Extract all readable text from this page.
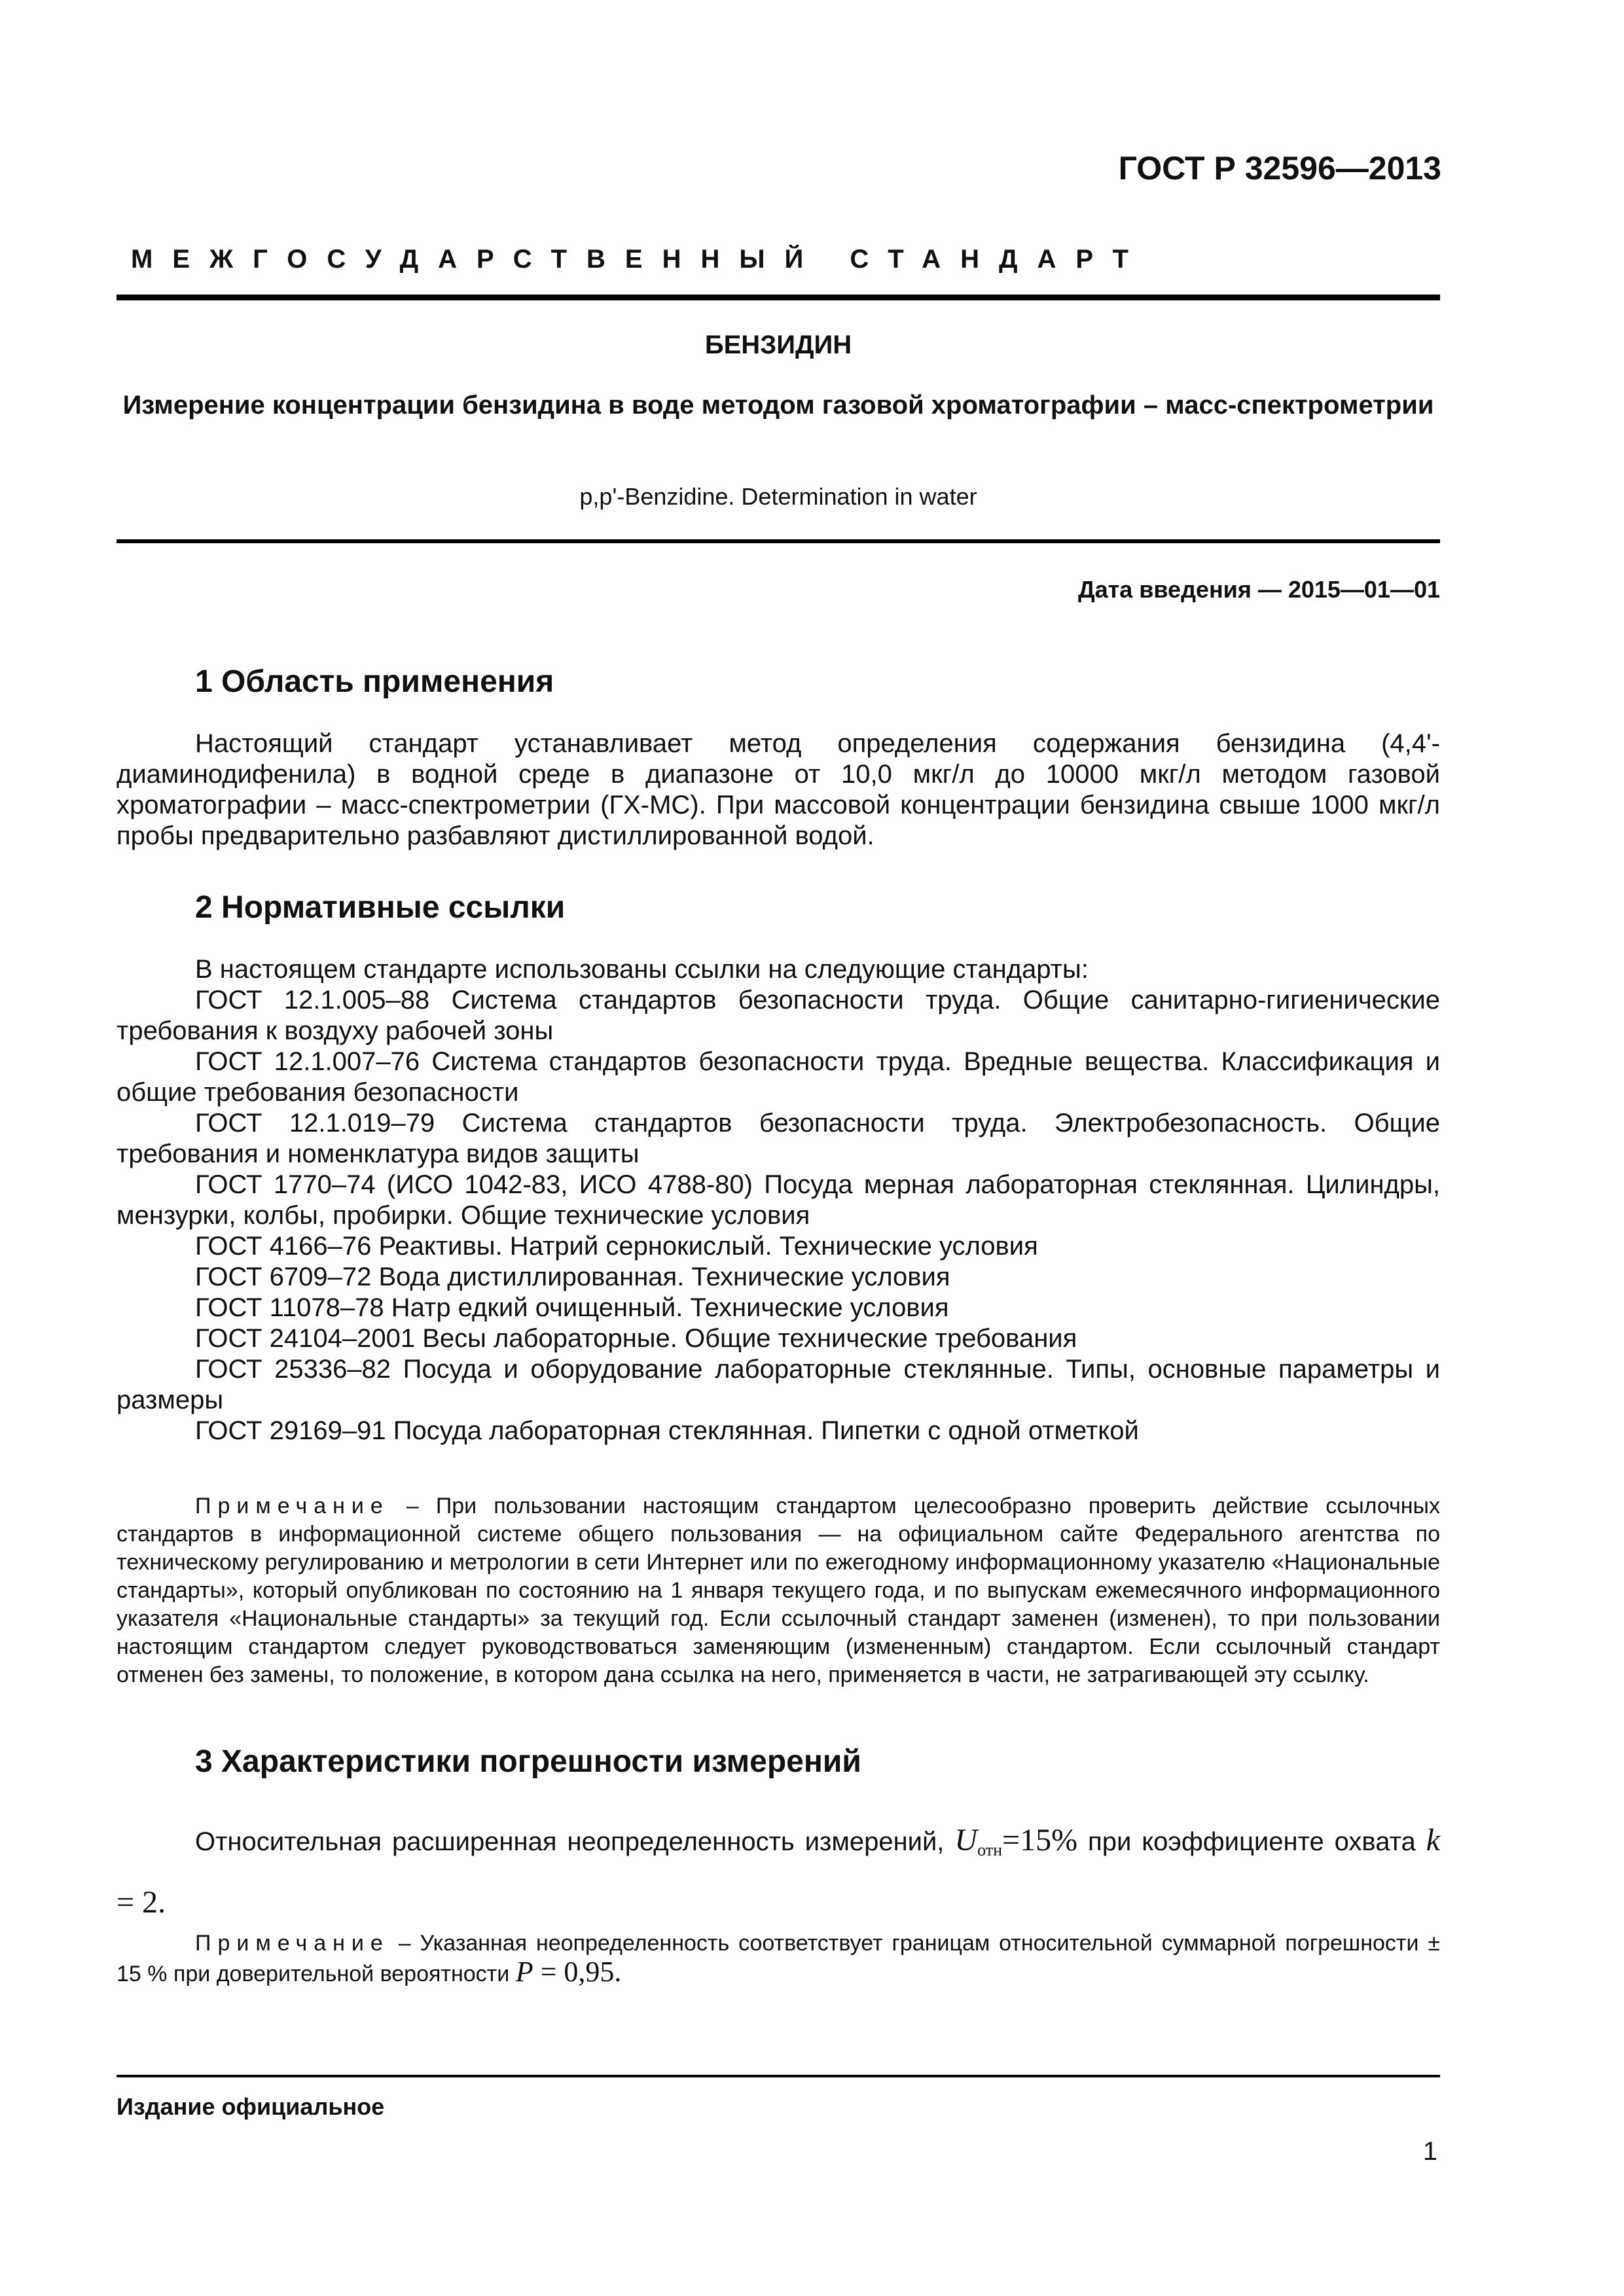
ГОСТ Р 32596—2013
МЕЖГОСУДАРСТВЕННЫЙ СТАНДАРТ
БЕНЗИДИН
Измерение концентрации бензидина в воде методом газовой хроматографии – масс-спектрометрии
p,p'-Benzidine. Determination in water
Дата введения — 2015—01—01
1 Область применения

Настоящий стандарт устанавливает метод определения содержания бензидина (4,4'-диаминодифенила) в водной среде в диапазоне от 10,0 мкг/л до 10000 мкг/л методом газовой хроматографии – масс-спектрометрии (ГХ-МС). При массовой концентрации бензидина свыше 1000 мкг/л пробы предварительно разбавляют дистиллированной водой.

2 Нормативные ссылки

В настоящем стандарте использованы ссылки на следующие стандарты:

ГОСТ 12.1.005–88 Система стандартов безопасности труда. Общие санитарно-гигиенические требования к воздуху рабочей зоны

ГОСТ 12.1.007–76 Система стандартов безопасности труда. Вредные вещества. Классификация и общие требования безопасности

ГОСТ 12.1.019–79 Система стандартов безопасности труда. Электробезопасность. Общие требования и номенклатура видов защиты

ГОСТ 1770–74 (ИСО 1042-83, ИСО 4788-80) Посуда мерная лабораторная стеклянная. Цилиндры, мензурки, колбы, пробирки. Общие технические условия

ГОСТ 4166–76 Реактивы. Натрий сернокислый. Технические условия

ГОСТ 6709–72 Вода дистиллированная. Технические условия

ГОСТ 11078–78 Натр едкий очищенный. Технические условия

ГОСТ 24104–2001 Весы лабораторные. Общие технические требования

ГОСТ 25336–82 Посуда и оборудование лабораторные стеклянные. Типы, основные параметры и размеры

ГОСТ 29169–91 Посуда лабораторная стеклянная. Пипетки с одной отметкой

Примечание – При пользовании настоящим стандартом целесообразно проверить действие ссылочных стандартов в информационной системе общего пользования — на официальном сайте Федерального агентства по техническому регулированию и метрологии в сети Интернет или по ежегодному информационному указателю «Национальные стандарты», который опубликован по состоянию на 1 января текущего года, и по выпускам ежемесячного информационного указателя «Национальные стандарты» за текущий год. Если ссылочный стандарт заменен (изменен), то при пользовании настоящим стандартом следует руководствоваться заменяющим (измененным) стандартом. Если ссылочный стандарт отменен без замены, то положение, в котором дана ссылка на него, применяется в части, не затрагивающей эту ссылку.

3 Характеристики погрешности измерений

Относительная расширенная неопределенность измерений, Uотн=15% при коэффициенте охвата k = 2.

Примечание – Указанная неопределенность соответствует границам относительной суммарной погрешности ± 15 % при доверительной вероятности P = 0,95.

Издание официальное
1
